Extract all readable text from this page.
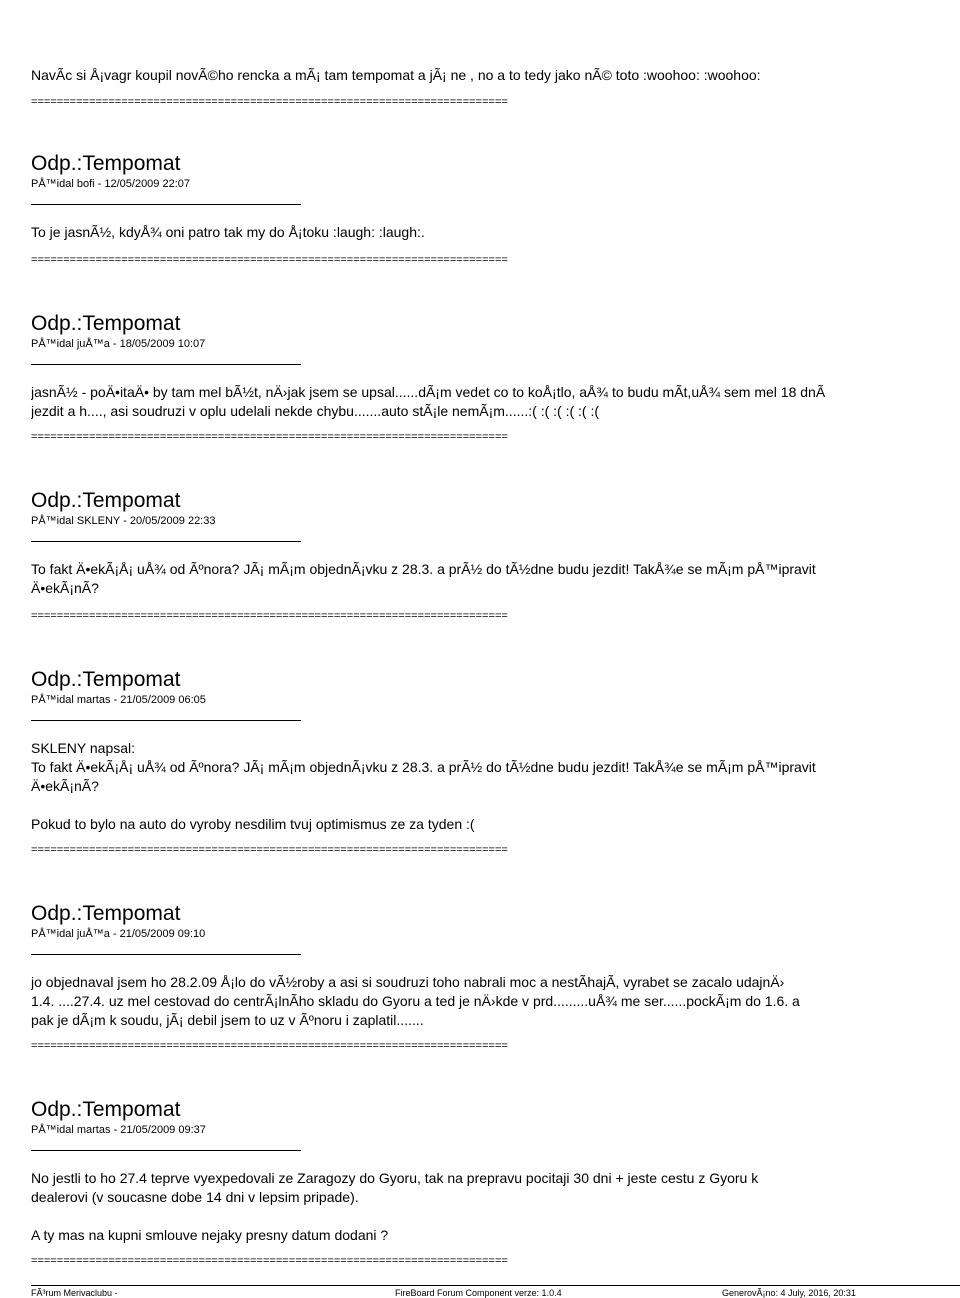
NavÃc si Å¡vagr koupil novÃ©ho rencka a mÃ¡ tam tempomat a jÃ¡ ne , no a to tedy jako nÃ© toto :woohoo: :woohoo:
==========================================================================
Odp.:Tempomat
PÅ™idal bofi - 12/05/2009 22:07

To je jasnÃ½, kdyÅ¾ oni patro tak my do Å¡toku :laugh: :laugh:.

==========================================================================
Odp.:Tempomat
PÅ™idal juÅ™a - 18/05/2009 10:07

jasnÃ½ - poÄ•itaÄ• by tam mel bÃ½t, nÄ›jak jsem se upsal......dÃ¡m vedet co to koÅ¡tlo, aÅ¾ to budu mÃt,uÅ¾ sem mel 18 dnÃ
jezdit a h...., asi soudruzi v oplu udelali nekde chybu.......auto stÃ¡le nemÃ¡m......:( :( :( :( :( :(

==========================================================================
Odp.:Tempomat
PÅ™idal SKLENY - 20/05/2009 22:33

To fakt Ä•ekÃ¡Å¡ uÅ¾ od Ãºnora? JÃ¡ mÃ¡m objednÃ¡vku z 28.3. a prÃ½ do tÃ½dne budu jezdit! TakÅ¾e se mÃ¡m pÅ™ipravit
Ä•ekÃ¡nÃ?

==========================================================================
Odp.:Tempomat
PÅ™idal martas - 21/05/2009 06:05

SKLENY napsal:
To fakt Ä•ekÃ¡Å¡ uÅ¾ od Ãºnora? JÃ¡ mÃ¡m objednÃ¡vku z 28.3. a prÃ½ do tÃ½dne budu jezdit! TakÅ¾e se mÃ¡m pÅ™ipravit
Ä•ekÃ¡nÃ?

Pokud to bylo na auto do vyroby nesdilim tvuj optimismus ze za tyden :(

==========================================================================
Odp.:Tempomat
PÅ™idal juÅ™a - 21/05/2009 09:10

jo objednaval jsem ho 28.2.09 Å¡lo do vÃ½roby a asi si soudruzi toho nabrali moc a nestÃhajÃ, vyrabet se zacalo udajnÄ›
1.4. ....27.4. uz mel cestovad do centrÃ¡lnÃho skladu do Gyoru a ted je nÄ›kde v prd.........uÅ¾ me ser......pockÃ¡m do 1.6. a
pak je dÃ¡m k soudu, jÃ¡ debil jsem to uz v Ãºnoru i zaplatil.......

==========================================================================
Odp.:Tempomat
PÅ™idal martas - 21/05/2009 09:37

No jestli to ho 27.4 teprve vyexpedovali ze Zaragozy do Gyoru, tak na prepravu pocitaji 30 dni + jeste cestu z Gyoru k
dealerovi (v soucasne dobe 14 dni v lepsim pripade).

A ty mas na kupni smlouve nejaky presny datum dodani ?

==========================================================================
FÃ³rum Merivaclubu -	FireBoard Forum Component verze: 1.0.4	GenerovÃ¡no: 4 July, 2016, 20:31
